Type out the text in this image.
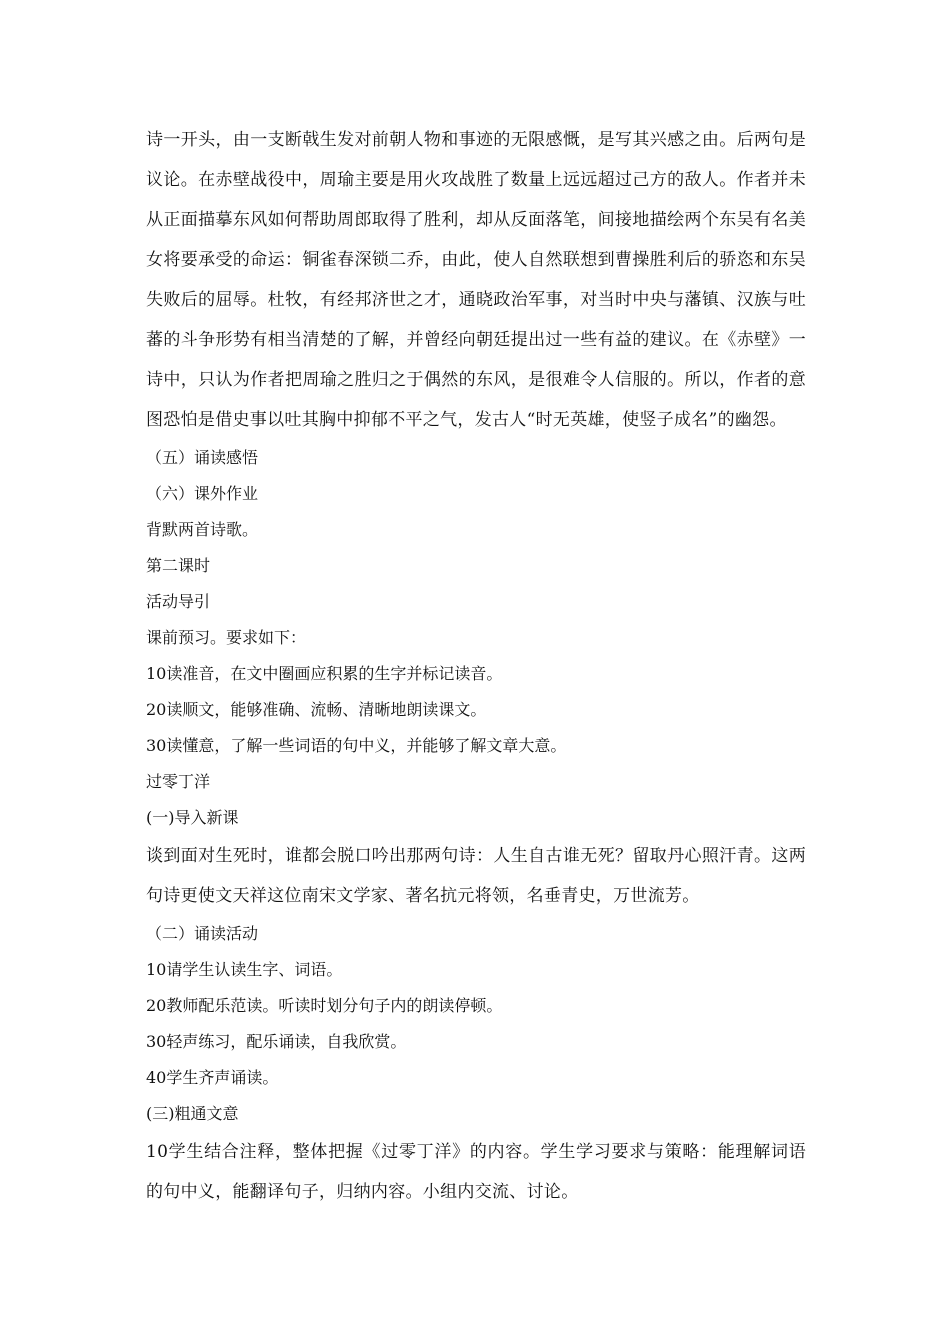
诗一开头，由一支断戟生发对前朝人物和事迹的无限感慨，是写其兴感之由。后两句是议论。在赤壁战役中，周瑜主要是用火攻战胜了数量上远远超过己方的敌人。作者并未从正面描摹东风如何帮助周郎取得了胜利，却从反面落笔，间接地描绘两个东吴有名美女将要承受的命运：铜雀春深锁二乔，由此，使人自然联想到曹操胜利后的骄恣和东吴失败后的屈辱。杜牧，有经邦济世之才，通晓政治军事，对当时中央与藩镇、汉族与吐蕃的斗争形势有相当清楚的了解，并曾经向朝廷提出过一些有益的建议。在《赤壁》一诗中，只认为作者把周瑜之胜归之于偶然的东风，是很难令人信服的。所以，作者的意图恐怕是借史事以吐其胸中抑郁不平之气，发古人“时无英雄，使竖子成名”的幽怨。

（五）诵读感悟

（六）课外作业

背默两首诗歌。

第二课时

活动导引

课前预习。要求如下：

10读准音，在文中圈画应积累的生字并标记读音。

20读顺文，能够准确、流畅、清晰地朗读课文。

30读懂意，了解一些词语的句中义，并能够了解文章大意。

过零丁洋

(一)导入新课

谈到面对生死时，谁都会脱口吟出那两句诗：人生自古谁无死？留取丹心照汗青。这两句诗更使文天祥这位南宋文学家、著名抗元将领，名垂青史，万世流芳。

（二）诵读活动

10请学生认读生字、词语。

20教师配乐范读。听读时划分句子内的朗读停顿。

30轻声练习，配乐诵读，自我欣赏。

40学生齐声诵读。

(三)粗通文意

10学生结合注释，整体把握《过零丁洋》的内容。学生学习要求与策略：能理解词语的句中义，能翻译句子，归纳内容。小组内交流、讨论。
